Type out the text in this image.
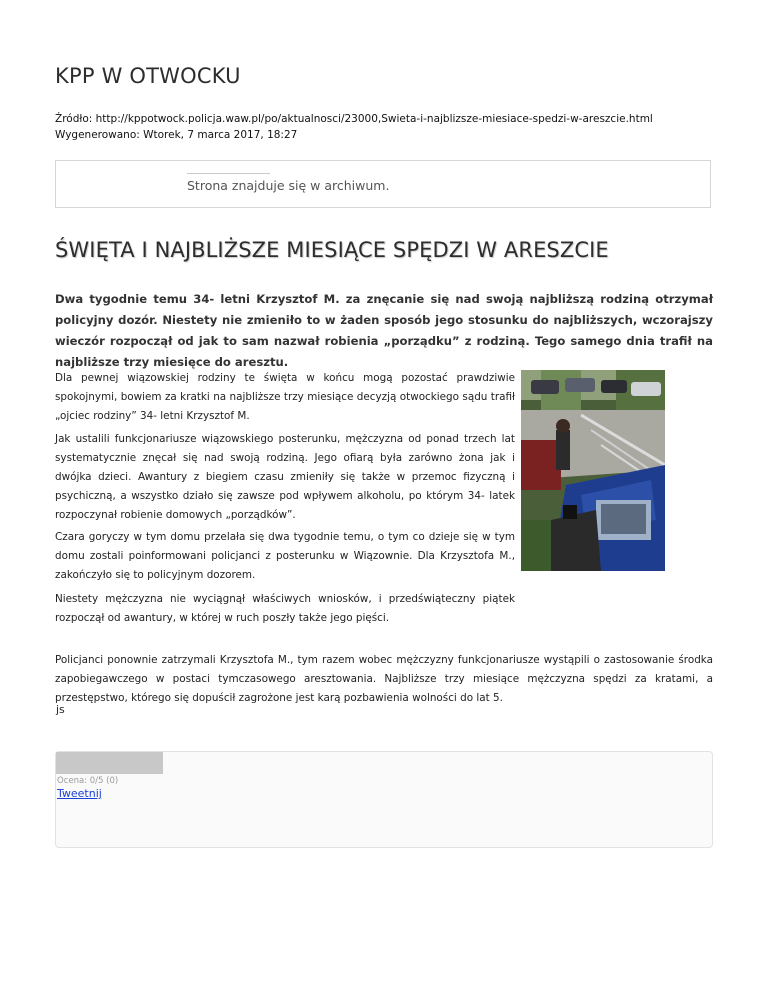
KPP W OTWOCKU
Źródło: http://kppotwock.policja.waw.pl/po/aktualnosci/23000,Swieta-i-najblizsze-miesiace-spedzi-w-areszcie.html
Wygenerowano: Wtorek, 7 marca 2017, 18:27
Strona znajduje się w archiwum.
ŚWIĘTA I NAJBLIŻSZE MIESIĄCE SPĘDZI W ARESZCIE

Dwa tygodnie temu 34- letni Krzysztof M. za znęcanie się nad swoją najbliższą rodziną otrzymał policyjny dozór. Niestety nie zmieniło to w żaden sposób jego stosunku do najbliższych, wczorajszy wieczór rozpoczął od jak to sam nazwał robienia „porządku” z rodziną. Tego samego dnia trafił na najbliższe trzy miesięce do aresztu.

Dla pewnej wiązowskiej rodziny te święta w końcu mogą pozostać prawdziwie spokojnymi, bowiem za kratki na najbliższe trzy miesiące decyzją otwockiego sądu trafił „ojciec rodziny” 34- letni Krzysztof M.

Jak ustalili funkcjonariusze wiązowskiego posterunku, mężczyzna od ponad trzech lat systematycznie znęcał się nad swoją rodziną. Jego ofiarą była zarówno żona jak i dwójka dzieci. Awantury z biegiem czasu zmieniły się także w przemoc fizyczną i psychiczną, a wszystko działo się zawsze pod wpływem alkoholu, po którym 34- latek rozpoczynał robienie domowych „porządków”.

Czara goryczy w tym domu przelała się dwa tygodnie temu, o tym co dzieje się w tym domu zostali poinformowani policjanci z posterunku w Wiązownie. Dla Krzysztofa M., zakończyło się to policyjnym dozorem.

Niestety mężczyzna nie wyciągnął właściwych wniosków, i przedświąteczny piątek rozpoczął od awantury, w której w ruch poszły także jego pięści.

Policjanci ponownie zatrzymali Krzysztofa M., tym razem wobec mężczyzny funkcjonariusze wystąpili o zastosowanie środka zapobiegawczego w postaci tymczasowego aresztowania. Najbliższe trzy miesiące mężczyzna spędzi za kratami, a przestępstwo, którego się dopuścił zagrożone jest karą pozbawienia wolności do lat 5.

js
Ocena: 0/5 (0)
Tweetnij
